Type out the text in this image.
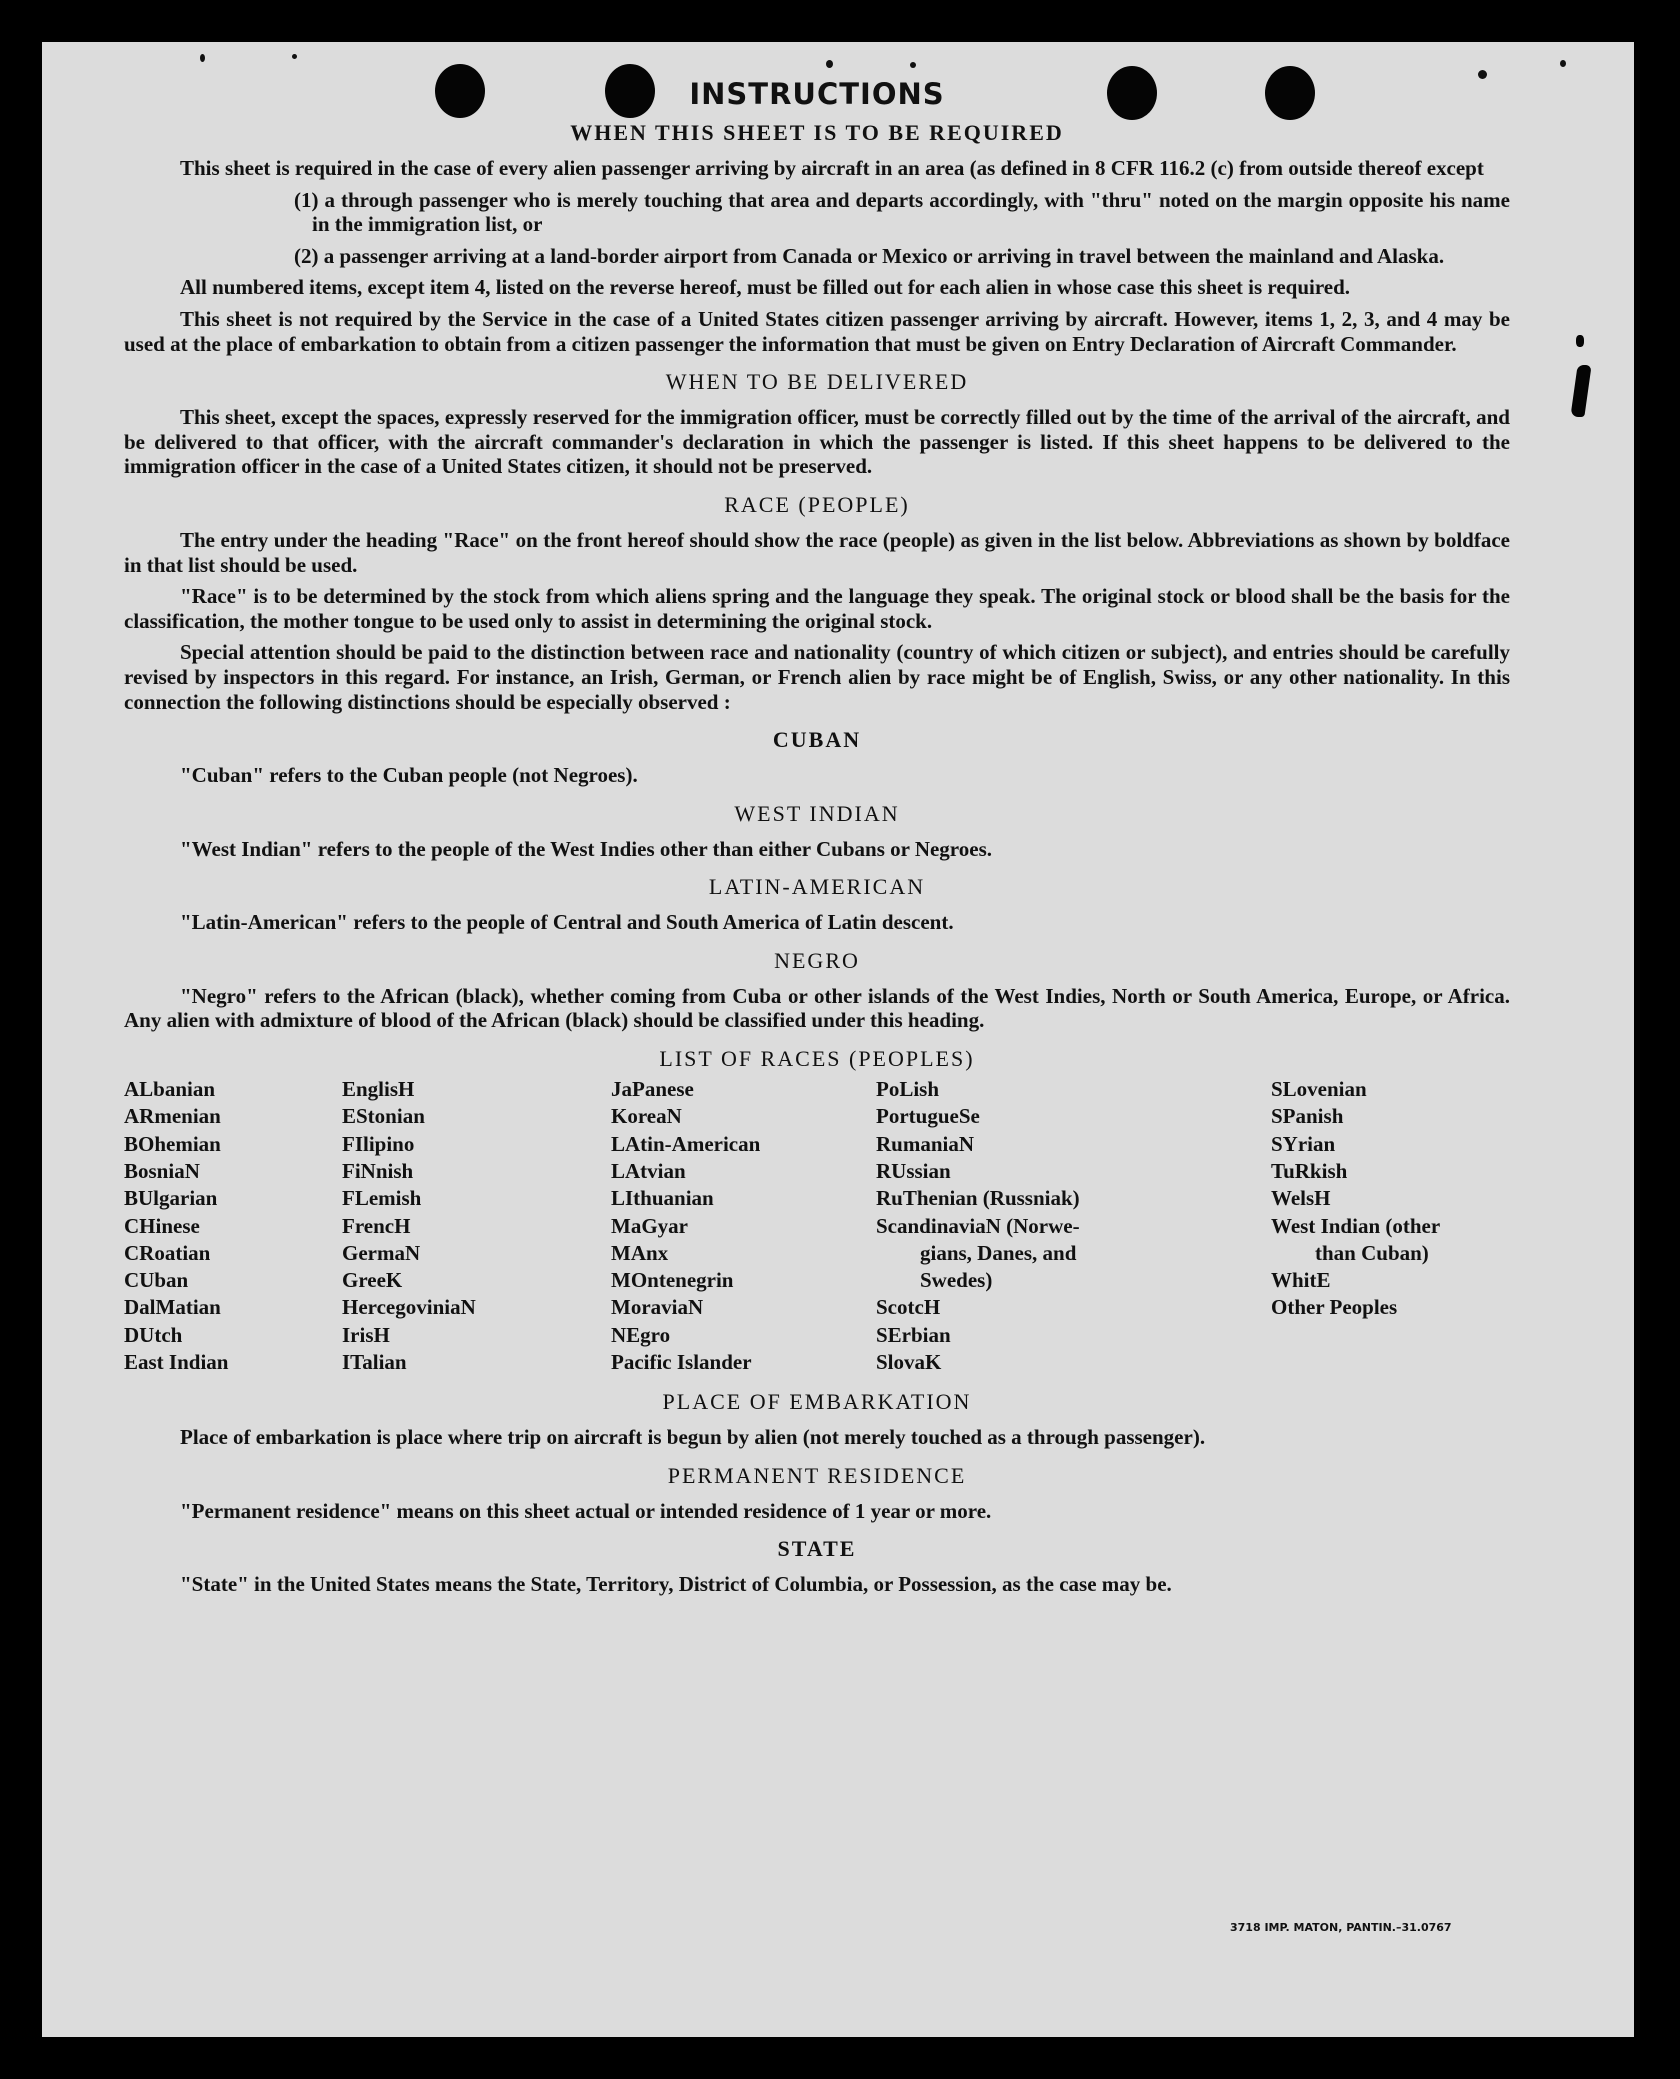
INSTRUCTIONS
WHEN THIS SHEET IS TO BE REQUIRED

This sheet is required in the case of every alien passenger arriving by aircraft in an area (as defined in 8 CFR 116.2 (c) from outside thereof except

(1) a through passenger who is merely touching that area and departs accordingly, with "thru" noted on the margin opposite his name in the immigration list, or

(2) a passenger arriving at a land-border airport from Canada or Mexico or arriving in travel between the mainland and Alaska.

All numbered items, except item 4, listed on the reverse hereof, must be filled out for each alien in whose case this sheet is required.

This sheet is not required by the Service in the case of a United States citizen passenger arriving by aircraft. However, items 1, 2, 3, and 4 may be used at the place of embarkation to obtain from a citizen passenger the information that must be given on Entry Declaration of Aircraft Commander.

WHEN TO BE DELIVERED

This sheet, except the spaces, expressly reserved for the immigration officer, must be correctly filled out by the time of the arrival of the aircraft, and be delivered to that officer, with the aircraft commander's declaration in which the passenger is listed. If this sheet happens to be delivered to the immigration officer in the case of a United States citizen, it should not be preserved.

RACE (PEOPLE)

The entry under the heading "Race" on the front hereof should show the race (people) as given in the list below. Abbreviations as shown by boldface in that list should be used.

"Race" is to be determined by the stock from which aliens spring and the language they speak. The original stock or blood shall be the basis for the classification, the mother tongue to be used only to assist in determining the original stock.

Special attention should be paid to the distinction between race and nationality (country of which citizen or subject), and entries should be carefully revised by inspectors in this regard. For instance, an Irish, German, or French alien by race might be of English, Swiss, or any other nationality. In this connection the following distinctions should be especially observed :

CUBAN

"Cuban" refers to the Cuban people (not Negroes).

WEST INDIAN

"West Indian" refers to the people of the West Indies other than either Cubans or Negroes.

LATIN-AMERICAN

"Latin-American" refers to the people of Central and South America of Latin descent.

NEGRO

"Negro" refers to the African (black), whether coming from Cuba or other islands of the West Indies, North or South America, Europe, or Africa. Any alien with admixture of blood of the African (black) should be classified under this heading.

LIST OF RACES (PEOPLES)
ALbanian
ARmenian
BOhemian
BosniaN
BUlgarian
CHinese
CRoatian
CUban
DalMatian
DUtch
East Indian
EnglisH
EStonian
FIlipino
FiNnish
FLemish
FrencH
GermaN
GreeK
HercegoviniaN
IrisH
ITalian
JaPanese
KoreaN
LAtin-American
LAtvian
LIthuanian
MaGyar
MAnx
MOntenegrin
MoraviaN
NEgro
Pacific Islander
PoLish
PortugueSe
RumaniaN
RUssian
RuThenian (Russniak)
ScandinaviaN (Norwe-
gians, Danes, and
Swedes)
ScotcH
SErbian
SlovaK
SLovenian
SPanish
SYrian
TuRkish
WelsH
West Indian (other
than Cuban)
WhitE
Other Peoples
PLACE OF EMBARKATION

Place of embarkation is place where trip on aircraft is begun by alien (not merely touched as a through passenger).

PERMANENT RESIDENCE

"Permanent residence" means on this sheet actual or intended residence of 1 year or more.

STATE

"State" in the United States means the State, Territory, District of Columbia, or Possession, as the case may be.

3718 IMP. MATON, PANTIN.–31.0767
